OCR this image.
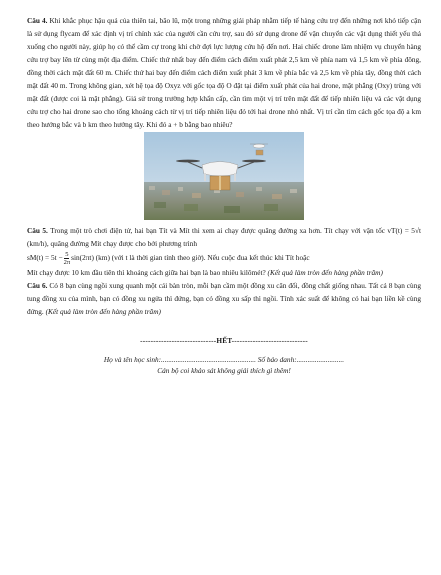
Câu 4. Khi khắc phục hậu quả của thiên tai, bão lũ, một trong những giải pháp nhằm tiếp tế hàng cứu trợ đến những nơi khó tiếp cận là sử dụng flycam để xác định vị trí chính xác của người cần cứu trợ, sau đó sử dụng drone để vận chuyển các vật dụng thiết yếu thả xuống cho người này, giúp họ có thể cầm cự trong khi chờ đợi lực lượng cứu hộ đến nơi. Hai chiếc drone làm nhiệm vụ chuyển hàng cứu trợ bay lên từ cùng một địa điểm. Chiếc thứ nhất bay đến điểm cách điểm xuất phát 2,5 km về phía nam và 1,5 km về phía đông, đồng thời cách mặt đất 60 m. Chiếc thứ hai bay đến điểm cách điểm xuất phát 3 km về phía bắc và 2,5 km về phía tây, đồng thời cách mặt đất 40 m. Trong không gian, xét hệ tọa độ Oxyz với gốc tọa độ O đặt tại điểm xuất phát của hai drone, mặt phẳng (Oxy) trùng với mặt đất (được coi là mặt phẳng). Giả sử trong trường hợp khẩn cấp, cần tìm một vị trí trên mặt đất để tiếp nhiên liệu và các vật dụng cứu trợ cho hai drone sao cho tổng khoảng cách từ vị trí tiếp nhiên liệu đó tới hai drone nhỏ nhất. Vị trí cần tìm cách gốc tọa độ a km theo hướng bắc và b km theo hướng tây. Khi đó a + b bằng bao nhiêu?

Câu 5. Trong một trò chơi điện tử, hai bạn Tít và Mít thi xem ai chạy được quãng đường xa hơn. Tít chạy với vận tốc vT(t) = 5√t (km/h), quãng đường Mít chạy được cho bởi phương trình

$sM(t) = 5t - \frac{5}{2\pi} \sin(2\pi t)$ (km) (với t là thời gian tính theo giờ). Nếu cuộc đua kết thúc khi Tít hoặc

Mít chạy được 10 km đầu tiên thì khoảng cách giữa hai bạn là bao nhiêu kilômét? (Kết quả làm tròn đến hàng phần trăm)

Câu 6. Có 8 bạn cùng ngồi xung quanh một cái bàn tròn, mỗi bạn cầm một đồng xu cân đối, đồng chất giống nhau. Tất cả 8 bạn cùng tung đồng xu của mình, bạn có đồng xu ngửa thì đứng, bạn có đồng xu sấp thì ngồi. Tính xác suất để không có hai bạn liền kề cùng đứng. (Kết quả làm tròn đến hàng phần trăm)

-----------------------------HẾT-----------------------------
Họ và tên học sinh:.................................................... Số báo danh:..........................
Cán bộ coi khảo sát không giải thích gì thêm!
